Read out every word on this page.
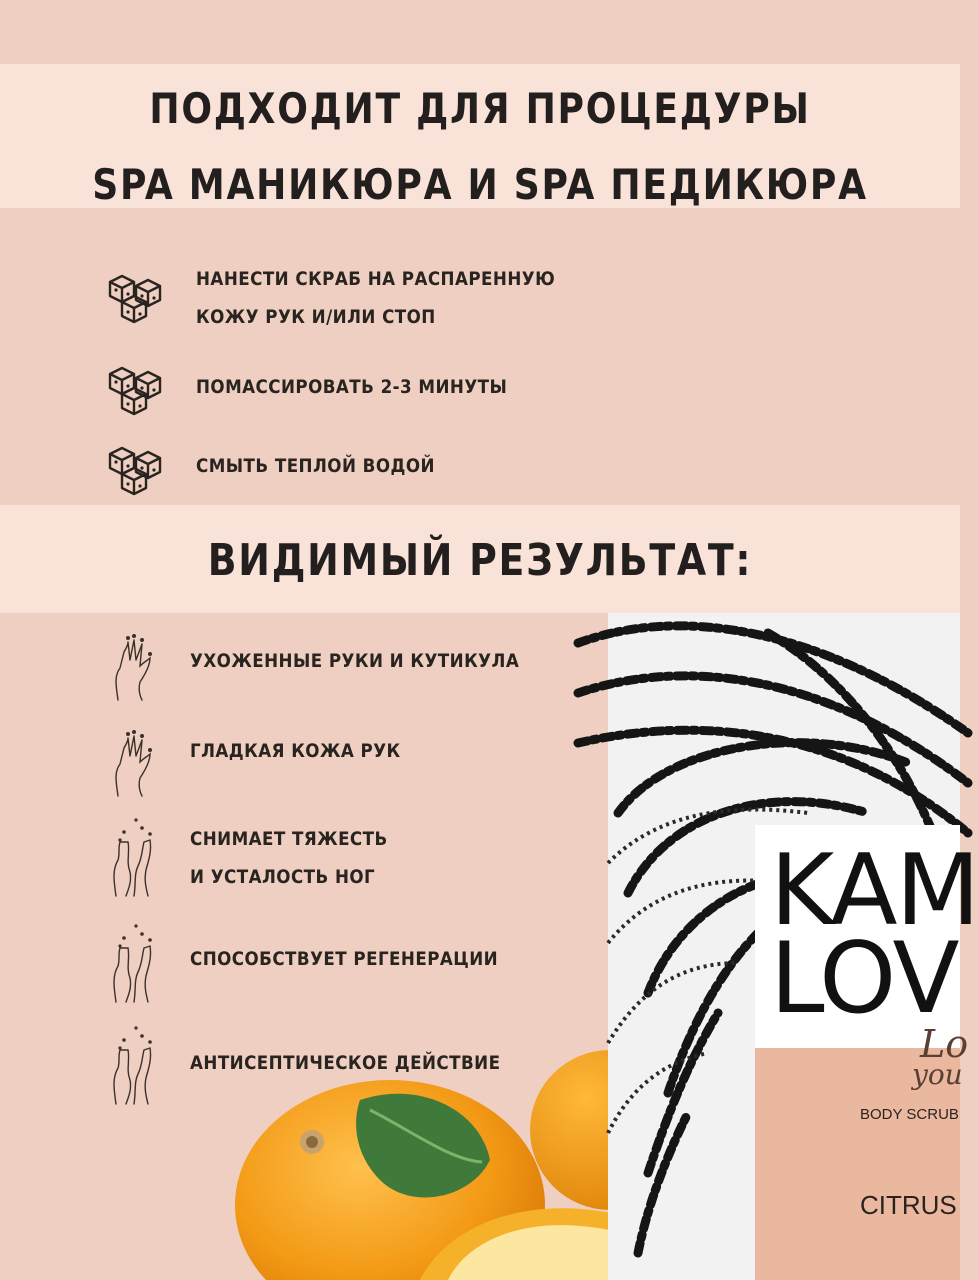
ПОДХОДИТ ДЛЯ ПРОЦЕДУРЫ
SPA МАНИКЮРА И SPA ПЕДИКЮРА
ВИДИМЫЙ РЕЗУЛЬТАТ:
НАНЕСТИ СКРАБ НА РАСПАРЕННУЮ
КОЖУ РУК И/ИЛИ СТОП
ПОМАССИРОВАТЬ 2-3 МИНУТЫ
СМЫТЬ ТЕПЛОЙ ВОДОЙ
УХОЖЕННЫЕ РУКИ И КУТИКУЛА
ГЛАДКАЯ КОЖА РУК
СНИМАЕТ ТЯЖЕСТЬ
И УСТАЛОСТЬ НОГ
СПОСОБСТВУЕТ РЕГЕНЕРАЦИИ
АНТИСЕПТИЧЕСКОЕ ДЕЙСТВИЕ
KAM
LOV
Lo
you
BODY SCRUB
CITRUS
